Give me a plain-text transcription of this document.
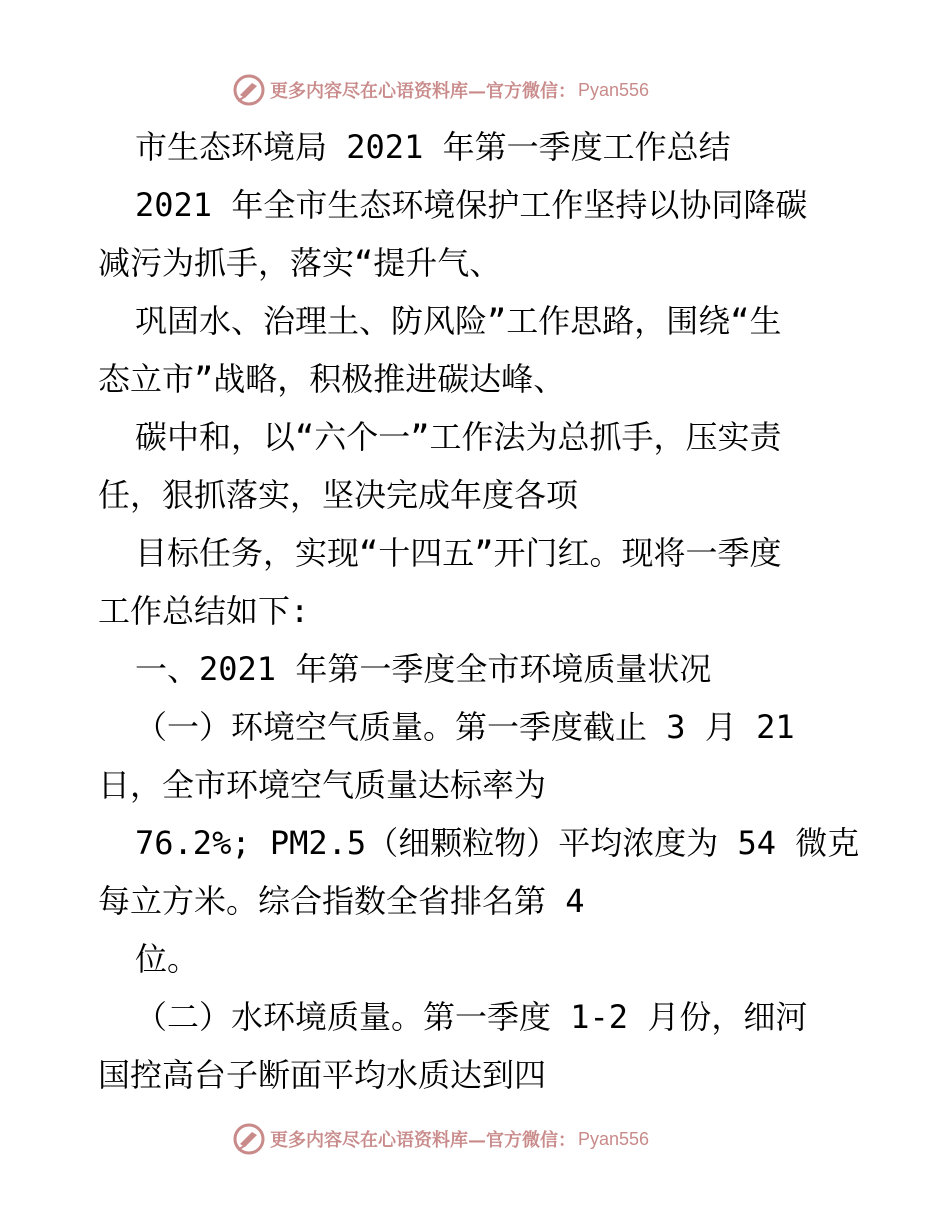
更多内容尽在心语资料库—官方微信： Pyan556
市生态环境局 2021 年第一季度工作总结
2021 年全市生态环境保护工作坚持以协同降碳
减污为抓手，落实“提升气、
巩固水、治理土、防风险”工作思路，围绕“生
态立市”战略，积极推进碳达峰、
碳中和，以“六个一”工作法为总抓手，压实责
任，狠抓落实，坚决完成年度各项
目标任务，实现“十四五”开门红。现将一季度
工作总结如下:
一、2021 年第一季度全市环境质量状况
（一）环境空气质量。第一季度截止 3 月 21
日，全市环境空气质量达标率为
76.2%; PM2.5（细颗粒物）平均浓度为 54 微克
每立方米。综合指数全省排名第 4
位。
（二）水环境质量。第一季度 1-2 月份，细河
国控高台子断面平均水质达到四
更多内容尽在心语资料库—官方微信： Pyan556
